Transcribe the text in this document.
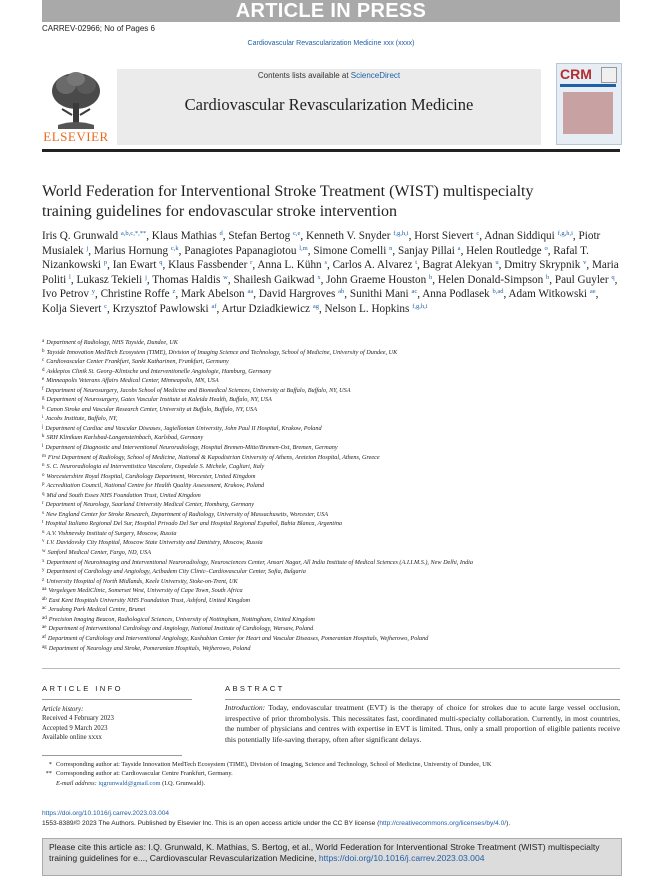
ARTICLE IN PRESS
CARREV-02966; No of Pages 6
Cardiovascular Revascularization Medicine xxx (xxxx)
ELSEVIER
Contents lists available at ScienceDirect
Cardiovascular Revascularization Medicine
CRM
World Federation for Interventional Stroke Treatment (WIST) multispecialty training guidelines for endovascular stroke intervention
Iris Q. Grunwald $^{a,b,c,*,**}$, Klaus Mathias $^d$, Stefan Bertog $^{c,e}$, Kenneth V. Snyder $^{f,g,h,i}$, Horst Sievert $^c$, Adnan Siddiqui $^{f,g,h,i}$, Piotr Musialek $^j$, Marius Hornung $^{c,k}$, Panagiotes Papanagiotou $^{l,m}$, Simone Comelli $^n$, Sanjay Pillai $^a$, Helen Routledge $^o$, Rafal T. Nizankowski $^p$, Ian Ewart $^q$, Klaus Fassbender $^r$, Anna L. Kühn $^s$, Carlos A. Alvarez $^t$, Bagrat Alekyan $^u$, Dmitry Skrypnik $^v$, Maria Politi $^l$, Lukasz Tekieli $^j$, Thomas Haldis $^w$, Shailesh Gaikwad $^x$, John Graeme Houston $^b$, Helen Donald-Simpson $^b$, Paul Guyler $^q$, Ivo Petrov $^y$, Christine Roffe $^z$, Mark Abelson $^{aa}$, David Hargroves $^{ab}$, Sunithi Mani $^{ac}$, Anna Podlasek $^{b,ad}$, Adam Witkowski $^{ae}$, Kolja Sievert $^c$, Krzysztof Pawlowski $^{af}$, Artur Dziadkiewicz $^{ag}$, Nelson L. Hopkins $^{f,g,h,i}$
$^a$ Department of Radiology, NHS Tayside, Dundee, UK
$^b$ Tayside Innovation MedTech Ecosystem (TIME), Division of Imaging Science and Technology, School of Medicine, University of Dundee, UK
$^c$ Cardiovascular Center Frankfurt, Sankt Katharinen, Frankfurt, Germany
$^d$ Asklepios Clinik St. Georg–Klinische und Interventionelle Angiologie, Hamburg, Germany
$^e$ Minneapolis Veterans Affairs Medical Center, Minneapolis, MN, USA
$^f$ Department of Neurosurgery, Jacobs School of Medicine and Biomedical Sciences, University at Buffalo, Buffalo, NY, USA
$^g$ Department of Neurosurgery, Gates Vascular Institute at Kaleida Health, Buffalo, NY, USA
$^h$ Canon Stroke and Vascular Research Center, University at Buffalo, Buffalo, NY, USA
$^i$ Jacobs Institute, Buffalo, NY,
$^j$ Department of Cardiac and Vascular Diseases, Jagiellonian University, John Paul II Hospital, Krakow, Poland
$^k$ SRH Klinikum Karlsbad-Langensteinbach, Karlsbad, Germany
$^l$ Department of Diagnostic and Interventional Neuroradiology, Hospital Bremen-Mitte/Bremen-Ost, Bremen, Germany
$^m$ First Department of Radiology, School of Medicine, National & Kapodistrian University of Athens, Areteion Hospital, Athens, Greece
$^n$ S. C. Neuroradiologia ed Interventistica Vascolare, Ospedale S. Michele, Cagliari, Italy
$^o$ Worcestershire Royal Hospital, Cardiology Department, Worcester, United Kingdom
$^p$ Accreditation Council, National Centre for Health Quality Assessment, Krakow, Poland
$^q$ Mid and South Essex NHS Foundation Trust, United Kingdom
$^r$ Department of Neurology, Saarland University Medical Center, Homburg, Germany
$^s$ New England Center for Stroke Research, Department of Radiology, University of Massachusetts, Worcester, USA
$^t$ Hospital Italiano Regional Del Sur, Hospital Privado Del Sur and Hospital Regional Español, Bahia Blanca, Argentina
$^u$ A.V. Vishnevsky Institute of Surgery, Moscow, Russia
$^v$ I.V. Davidovsky City Hospital, Moscow State University and Dentistry, Moscow, Russia
$^w$ Sanford Medical Center, Fargo, ND, USA
$^x$ Department of Neuroimaging and Interventional Neuroradiology, Neurosciences Center, Ansari Nagar, All India Institute of Medical Sciences (A.I.I.M.S.), New Delhi, India
$^y$ Department of Cardiology and Angiology, Acibadem City Clinic–Cardiovascular Center, Sofia, Bulgaria
$^z$ University Hospital of North Midlands, Keele University, Stoke-on-Trent, UK
$^{aa}$ Vergelegen MediClinic, Somerset West, University of Cape Town, South Africa
$^{ab}$ East Kent Hospitals University NHS Foundation Trust, Ashford, United Kingdom
$^{ac}$ Jerudong Park Medical Centre, Brunei
$^{ad}$ Precision Imaging Beacon, Radiological Sciences, University of Nottingham, Nottingham, United Kingdom
$^{ae}$ Department of Interventional Cardiology and Angiology, National Institute of Cardiology, Warsaw, Poland
$^{af}$ Department of Cardiology and Interventional Angiology, Kashubian Center for Heart and Vascular Diseases, Pomeranian Hospitals, Wejherowo, Poland
$^{ag}$ Department of Neurology and Stroke, Pomeranian Hospitals, Wejherowo, Poland
ARTICLE INFO	ABSTRACT
Article history:
Received 4 February 2023
Accepted 9 March 2023
Available online xxxx
Introduction: Today, endovascular treatment (EVT) is the therapy of choice for strokes due to acute large vessel occlusion, irrespective of prior thrombolysis. This necessitates fast, coordinated multi-specialty collaboration. Currently, in most countries, the number of physicians and centres with expertise in EVT is limited. Thus, only a small proportion of eligible patients receive this potentially life-saving therapy, often after significant delays.
* Corresponding author at: Tayside Innovation MedTech Ecosystem (TIME), Division of Imaging, Science and Technology, School of Medicine, University of Dundee, UK
** Corresponding author at: Cardiovascular Centre Frankfurt, Germany.
E-mail address: iqgrunwald@gmail.com (I.Q. Grunwald).
https://doi.org/10.1016/j.carrev.2023.03.004
1553-8389/© 2023 The Authors. Published by Elsevier Inc. This is an open access article under the CC BY license (http://creativecommons.org/licenses/by/4.0/).
Please cite this article as: I.Q. Grunwald, K. Mathias, S. Bertog, et al., World Federation for Interventional Stroke Treatment (WIST) multispecialty training guidelines for e..., Cardiovascular Revascularization Medicine, https://doi.org/10.1016/j.carrev.2023.03.004
